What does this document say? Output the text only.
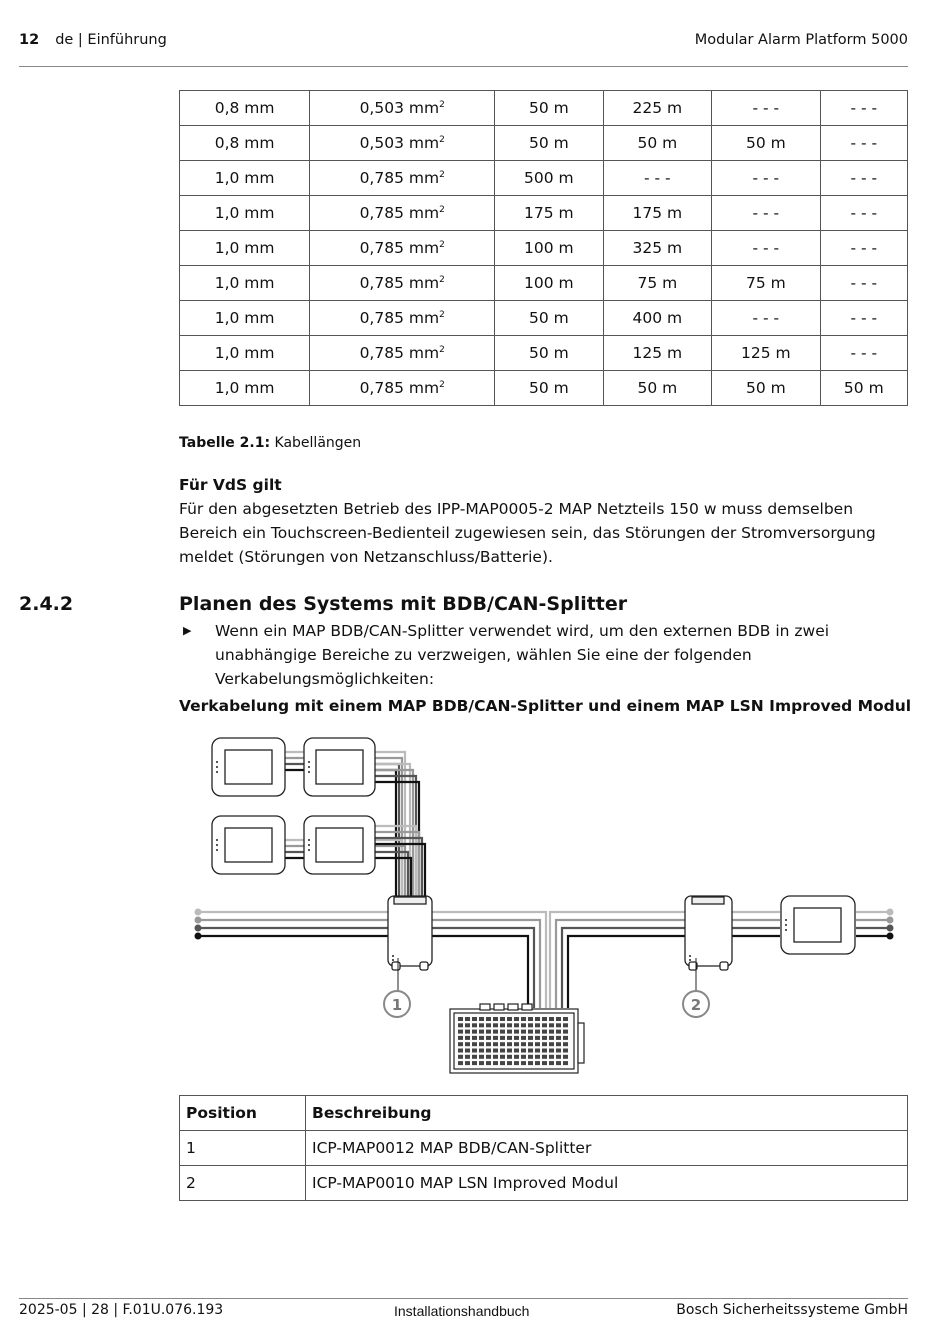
12 de | Einführung	Modular Alarm Platform 5000
0,8 mm	0,503 $mm^2$	50 m	225 m	- - -	- - -
0,8 mm	0,503 $mm^2$	50 m	50 m	50 m	- - -
1,0 mm	0,785 $mm^2$	500 m	- - -	- - -	- - -
1,0 mm	0,785 $mm^2$	175 m	175 m	- - -	- - -
1,0 mm	0,785 $mm^2$	100 m	325 m	- - -	- - -
1,0 mm	0,785 $mm^2$	100 m	75 m	75 m	- - -
1,0 mm	0,785 $mm^2$	50 m	400 m	- - -	- - -
1,0 mm	0,785 $mm^2$	50 m	125 m	125 m	- - -
1,0 mm	0,785 $mm^2$	50 m	50 m	50 m	50 m
Tabelle 2.1: Kabellängen
Für VdS gilt
Für den abgesetzten Betrieb des IPP-MAP0005-2 MAP Netzteils 150 w muss demselben Bereich ein Touchscreen-Bedienteil zugewiesen sein, das Störungen der Stromversorgung meldet (Störungen von Netzanschluss/Batterie).
2.4.2	Planen des Systems mit BDB/CAN-Splitter
▶ Wenn ein MAP BDB/CAN-Splitter verwendet wird, um den externen BDB in zwei unabhängige Bereiche zu verzweigen, wählen Sie eine der folgenden Verkabelungsmöglichkeiten:
Verkabelung mit einem MAP BDB/CAN-Splitter und einem MAP LSN Improved Modul
1	2
Position	Beschreibung
1	ICP-MAP0012 MAP BDB/CAN-Splitter
2	ICP-MAP0010 MAP LSN Improved Modul
2025-05 | 28 | F.01U.076.193	Installationshandbuch	Bosch Sicherheitssysteme GmbH
